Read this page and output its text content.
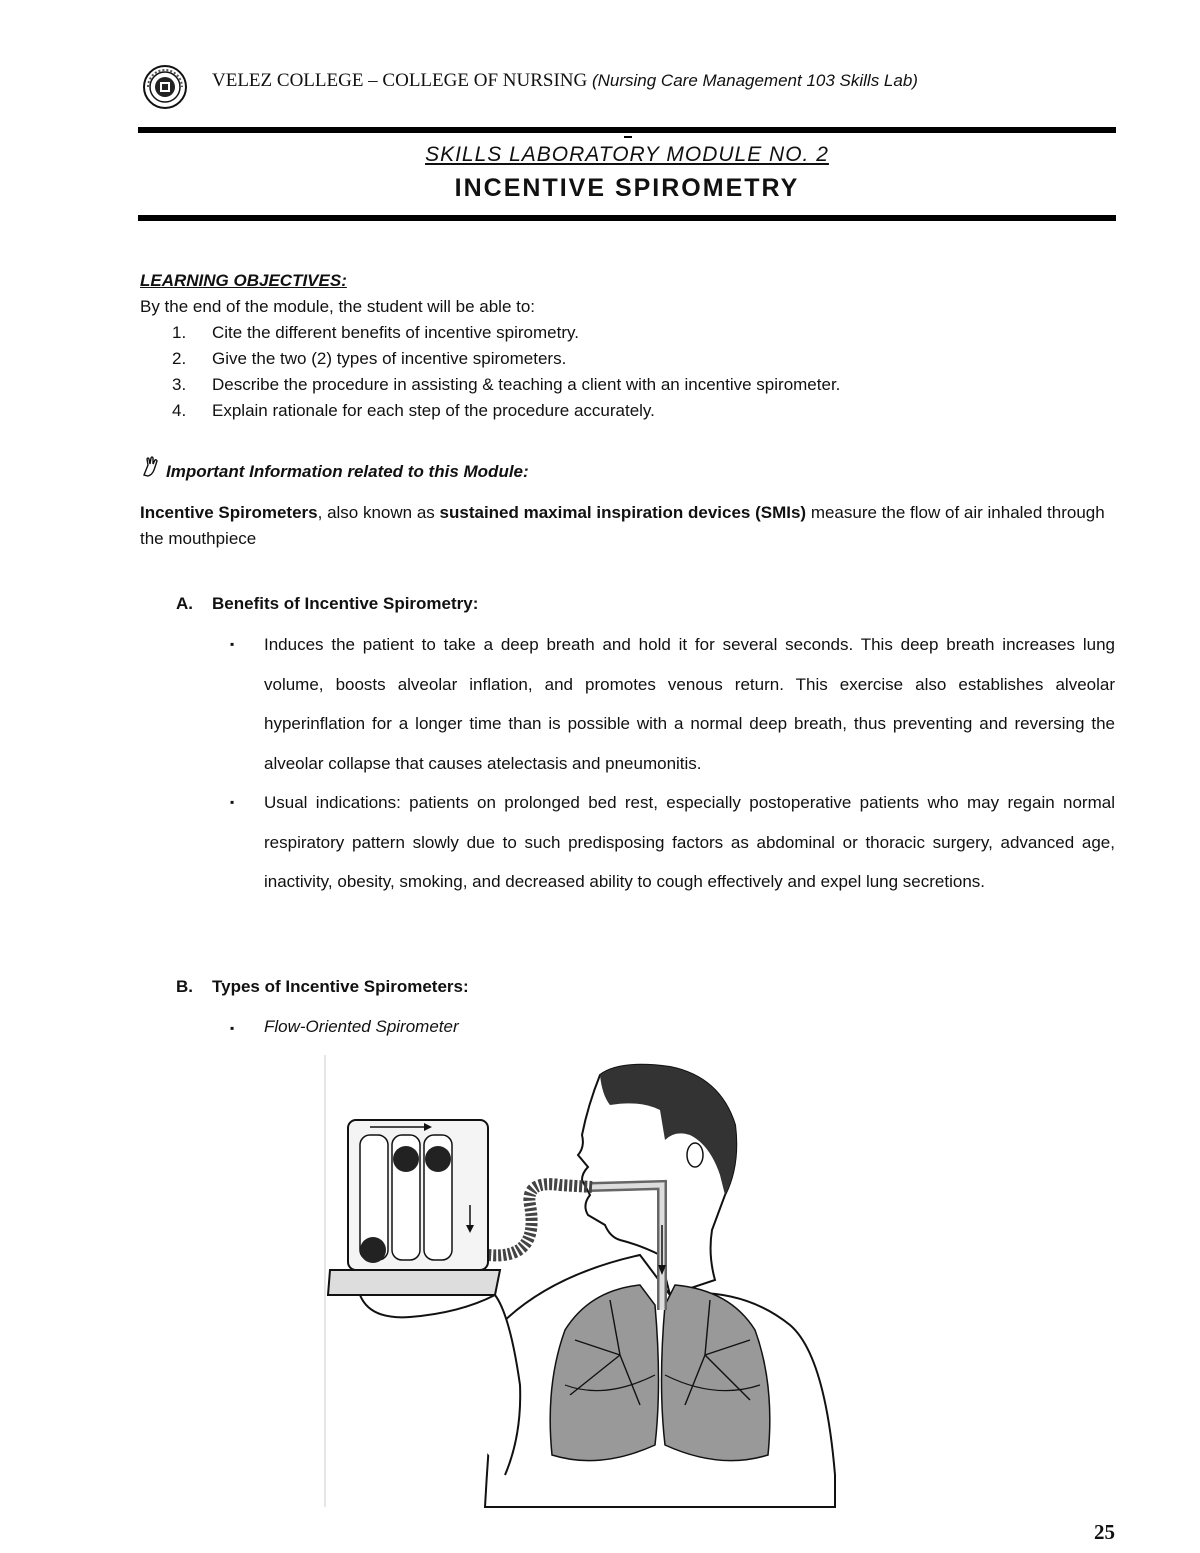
VELEZ COLLEGE – COLLEGE OF NURSING (Nursing Care Management 103 Skills Lab)
SKILLS LABORATORY MODULE NO. 2
INCENTIVE SPIROMETRY
LEARNING OBJECTIVES:
By the end of the module, the student will be able to:
1. Cite the different benefits of incentive spirometry.
2. Give the two (2) types of incentive spirometers.
3. Describe the procedure in assisting & teaching a client with an incentive spirometer.
4. Explain rationale for each step of the procedure accurately.
Important Information related to this Module:
Incentive Spirometers, also known as sustained maximal inspiration devices (SMIs) measure the flow of air inhaled through the mouthpiece
A. Benefits of Incentive Spirometry:
▪ Induces the patient to take a deep breath and hold it for several seconds. This deep breath increases lung volume, boosts alveolar inflation, and promotes venous return. This exercise also establishes alveolar hyperinflation for a longer time than is possible with a normal deep breath, thus preventing and reversing the alveolar collapse that causes atelectasis and pneumonitis.
▪ Usual indications: patients on prolonged bed rest, especially postoperative patients who may regain normal respiratory pattern slowly due to such predisposing factors as abdominal or thoracic surgery, advanced age, inactivity, obesity, smoking, and decreased ability to cough effectively and expel lung secretions.
B. Types of Incentive Spirometers:
▪ Flow-Oriented Spirometer
25
